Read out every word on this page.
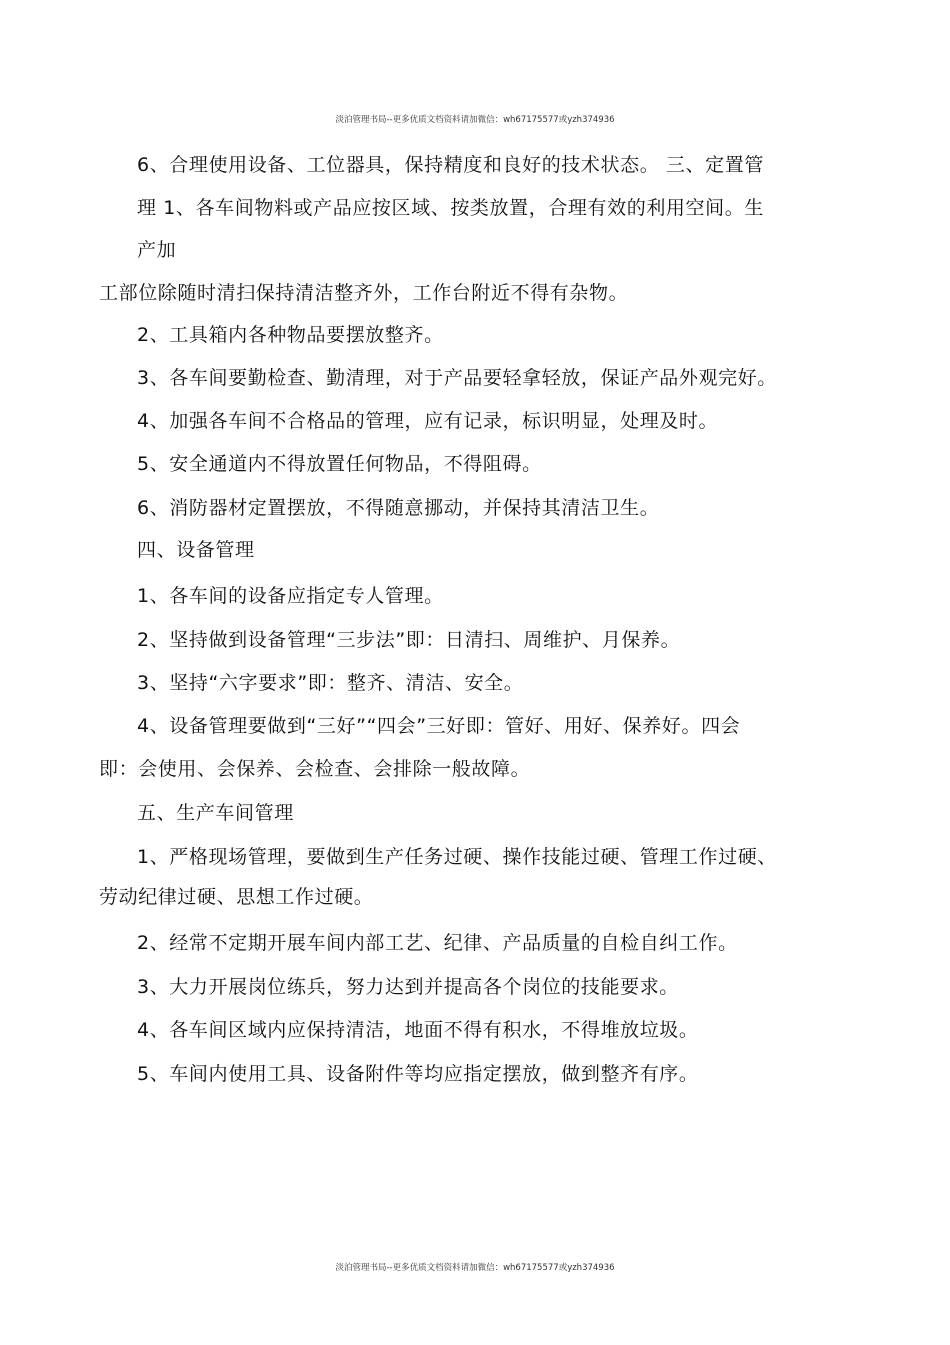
淡泊管理书局--更多优质文档资料请加微信：wh67175577或yzh374936
6、合理使用设备、工位器具，保持精度和良好的技术状态。 三、定置管
理 1、各车间物料或产品应按区域、按类放置，合理有效的利用空间。生
产加
工部位除随时清扫保持清洁整齐外，工作台附近不得有杂物。
2、工具箱内各种物品要摆放整齐。
3、各车间要勤检查、勤清理，对于产品要轻拿轻放，保证产品外观完好。
4、加强各车间不合格品的管理，应有记录，标识明显，处理及时。
5、安全通道内不得放置任何物品，不得阻碍。
6、消防器材定置摆放，不得随意挪动，并保持其清洁卫生。
四、设备管理
1、各车间的设备应指定专人管理。
2、坚持做到设备管理“三步法”即：日清扫、周维护、月保养。
3、坚持“六字要求”即：整齐、清洁、安全。
4、设备管理要做到“三好”“四会”三好即：管好、用好、保养好。四会
即：会使用、会保养、会检查、会排除一般故障。
五、生产车间管理
1、严格现场管理，要做到生产任务过硬、操作技能过硬、管理工作过硬、
劳动纪律过硬、思想工作过硬。
2、经常不定期开展车间内部工艺、纪律、产品质量的自检自纠工作。
3、大力开展岗位练兵，努力达到并提高各个岗位的技能要求。
4、各车间区域内应保持清洁，地面不得有积水，不得堆放垃圾。
5、车间内使用工具、设备附件等均应指定摆放，做到整齐有序。
淡泊管理书局--更多优质文档资料请加微信：wh67175577或yzh374936
